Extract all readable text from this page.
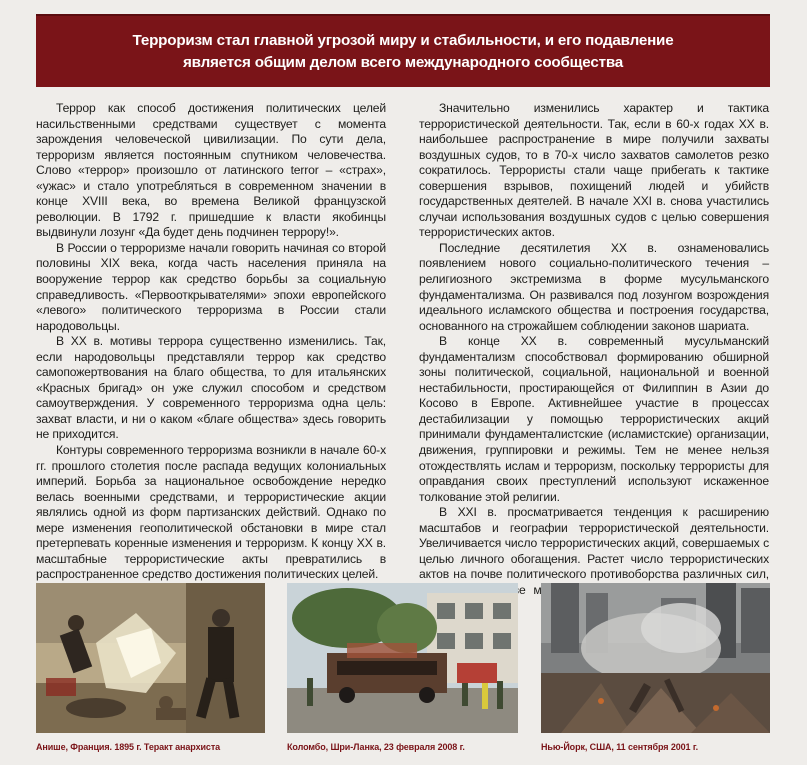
Терроризм стал главной угрозой миру и стабильности, и его подавление
является общим делом всего международного сообщества

Террор как способ достижения политических целей насильственными средствами существует с момента зарождения человеческой цивилизации. По сути дела, терроризм является постоянным спутником человечества. Слово «террор» произошло от латинского terror – «страх», «ужас» и стало употребляться в современном значении в конце XVIII века, во времена Великой французской революции. В 1792 г. пришедшие к власти якобинцы выдвинули лозунг «Да будет день подчинен террору!».

В России о терроризме начали говорить начиная со второй половины XIX века, когда часть населения приняла на вооружение террор как средство борьбы за социальную справедливость. «Первооткрывателями» эпохи европейского «левого» политического терроризма в России стали народовольцы.

В XX в. мотивы террора существенно изменились. Так, если народовольцы представляли террор как средство самопожертвования на благо общества, то для итальянских «Красных бригад» он уже служил способом и средством самоутверждения. У современного терроризма одна цель: захват власти, и ни о каком «благе общества» здесь говорить не приходится.

Контуры современного терроризма возникли в начале 60-х гг. прошлого столетия после распада ведущих колониальных империй. Борьба за национальное освобождение нередко велась военными средствами, и террористические акции являлись одной из форм партизанских действий. Однако по мере изменения геополитической обстановки в мире стал претерпевать коренные изменения и терроризм. К концу XX в. масштабные террористические акты превратились в распространенное средство достижения политических целей.

Значительно изменились характер и тактика террористической деятельности. Так, если в 60-х годах XX в. наибольшее распространение в мире получили захваты воздушных судов, то в 70-х число захватов самолетов резко сократилось. Террористы стали чаще прибегать к тактике совершения взрывов, похищений людей и убийств государственных деятелей. В начале XXI в. снова участились случаи использования воздушных судов с целью совершения террористических актов.

Последние десятилетия XX в. ознаменовались появлением нового социально-политического течения – религиозного экстремизма в форме мусульманского фундаментализма. Он развивался под лозунгом возрождения идеального исламского общества и построения государства, основанного на строжайшем соблюдении законов шариата.

В конце XX в. современный мусульманский фундаментализм способствовал формированию обширной зоны политической, социальной, национальной и военной нестабильности, простирающейся от Филиппин в Азии до Косово в Европе. Активнейшее участие в процессах дестабилизации у помощью террористических акций принимали фундаменталистские (исламистские) организации, движения, группировки и режимы. Тем не менее нельзя отождествлять ислам и терроризм, поскольку террористы для оправдания своих преступлений используют искаженное толкование этой религии.

В XXI в. просматривается тенденция к расширению масштабов и географии террористической деятельности. Увеличивается число террористических акций, совершаемых с целью личного обогащения. Растет число террористических актов на почве политического противоборства различных сил,

Анише, Франция. 1895 г. Теракт анархиста	Коломбо, Шри-Ланка, 23 февраля 2008 г.	Нью-Йорк, США, 11 сентября 2001 г.
